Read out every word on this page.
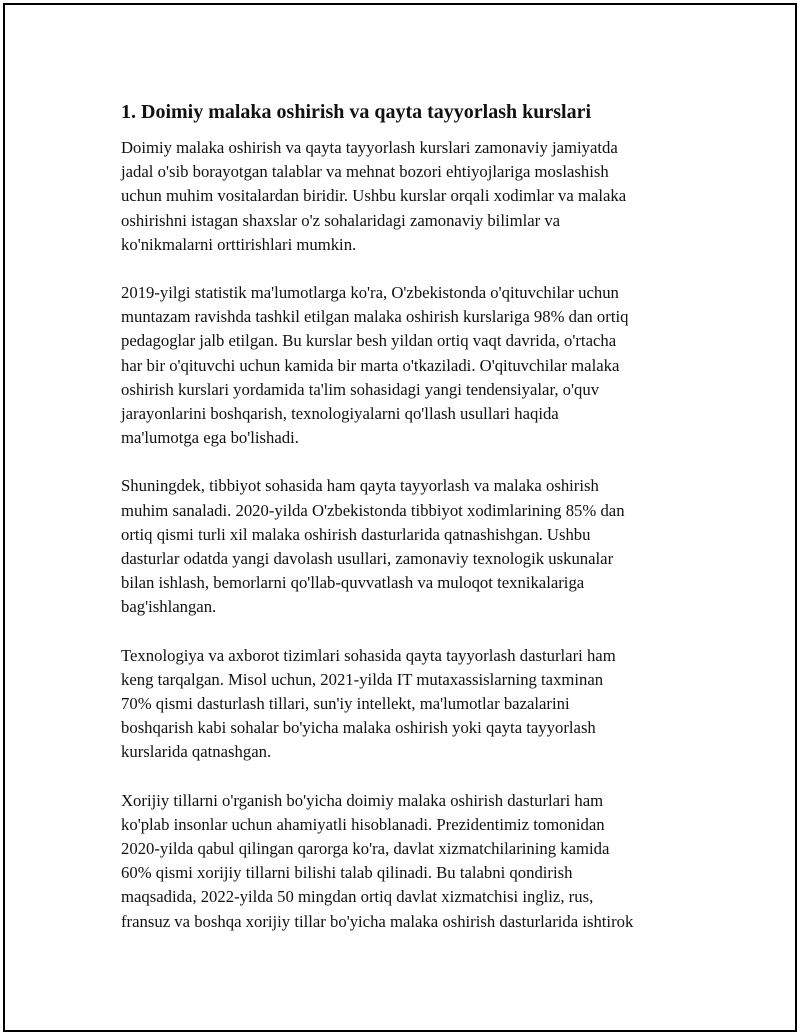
1. Doimiy malaka oshirish va qayta tayyorlash kurslari

Doimiy malaka oshirish va qayta tayyorlash kurslari zamonaviy jamiyatda
jadal o'sib borayotgan talablar va mehnat bozori ehtiyojlariga moslashish
uchun muhim vositalardan biridir. Ushbu kurslar orqali xodimlar va malaka
oshirishni istagan shaxslar o'z sohalaridagi zamonaviy bilimlar va
ko'nikmalarni orttirishlari mumkin.

2019-yilgi statistik ma'lumotlarga ko'ra, O'zbekistonda o'qituvchilar uchun
muntazam ravishda tashkil etilgan malaka oshirish kurslariga 98% dan ortiq
pedagoglar jalb etilgan. Bu kurslar besh yildan ortiq vaqt davrida, o'rtacha
har bir o'qituvchi uchun kamida bir marta o'tkaziladi. O'qituvchilar malaka
oshirish kurslari yordamida ta'lim sohasidagi yangi tendensiyalar, o'quv
jarayonlarini boshqarish, texnologiyalarni qo'llash usullari haqida
ma'lumotga ega bo'lishadi.

Shuningdek, tibbiyot sohasida ham qayta tayyorlash va malaka oshirish
muhim sanaladi. 2020-yilda O'zbekistonda tibbiyot xodimlarining 85% dan
ortiq qismi turli xil malaka oshirish dasturlarida qatnashishgan. Ushbu
dasturlar odatda yangi davolash usullari, zamonaviy texnologik uskunalar
bilan ishlash, bemorlarni qo'llab-quvvatlash va muloqot texnikalariga
bag'ishlangan.

Texnologiya va axborot tizimlari sohasida qayta tayyorlash dasturlari ham
keng tarqalgan. Misol uchun, 2021-yilda IT mutaxassislarning taxminan
70% qismi dasturlash tillari, sun'iy intellekt, ma'lumotlar bazalarini
boshqarish kabi sohalar bo'yicha malaka oshirish yoki qayta tayyorlash
kurslarida qatnashgan.

Xorijiy tillarni o'rganish bo'yicha doimiy malaka oshirish dasturlari ham
ko'plab insonlar uchun ahamiyatli hisoblanadi. Prezidentimiz tomonidan
2020-yilda qabul qilingan qarorga ko'ra, davlat xizmatchilarining kamida
60% qismi xorijiy tillarni bilishi talab qilinadi. Bu talabni qondirish
maqsadida, 2022-yilda 50 mingdan ortiq davlat xizmatchisi ingliz, rus,
fransuz va boshqa xorijiy tillar bo'yicha malaka oshirish dasturlarida ishtirok
